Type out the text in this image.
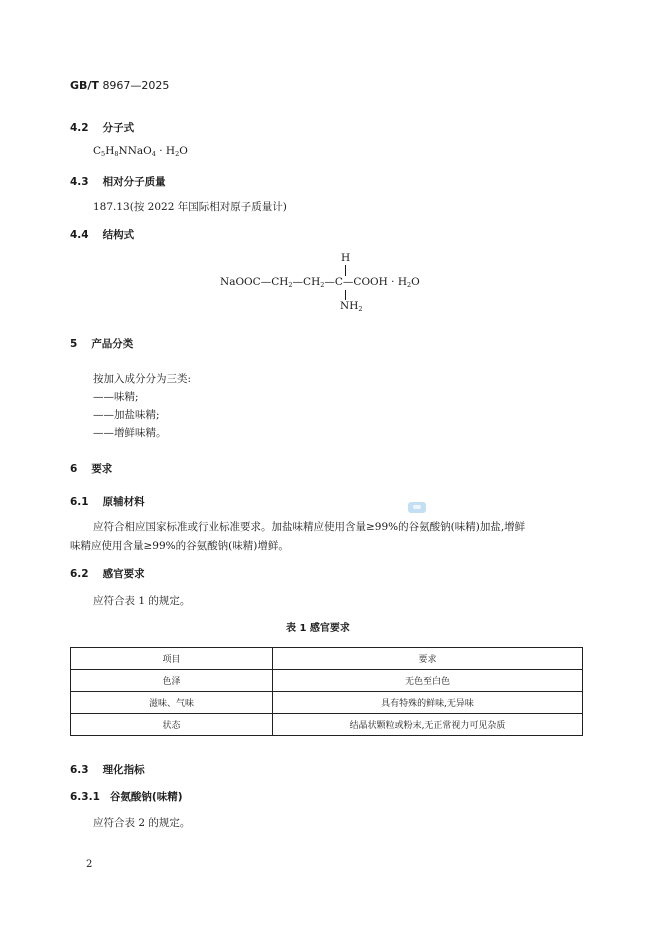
GB/T 8967—2025
4.2 分子式
$C_5H_8NNaO_4 \cdot H_2O$
4.3 相对分子质量
187.13(按 2022 年国际相对原子质量计)
4.4 结构式
H
$NaOOC—CH_2—CH_2—C—COOH \cdot H_2O$
$NH_2$
5 产品分类
按加入成分分为三类:
——味精;
——加盐味精;
——增鲜味精。
6 要求
6.1 原辅材料
应符合相应国家标准或行业标准要求。加盐味精应使用含量≥99%的谷氨酸钠(味精)加盐,增鲜
味精应使用含量≥99%的谷氨酸钠(味精)增鲜。
6.2 感官要求
应符合表 1 的规定。
表 1 感官要求
项目	要求
色泽	无色至白色
滋味、气味	具有特殊的鲜味,无异味
状态	结晶状颗粒或粉末,无正常视力可见杂质
6.3 理化指标
6.3.1 谷氨酸钠(味精)
应符合表 2 的规定。
2
